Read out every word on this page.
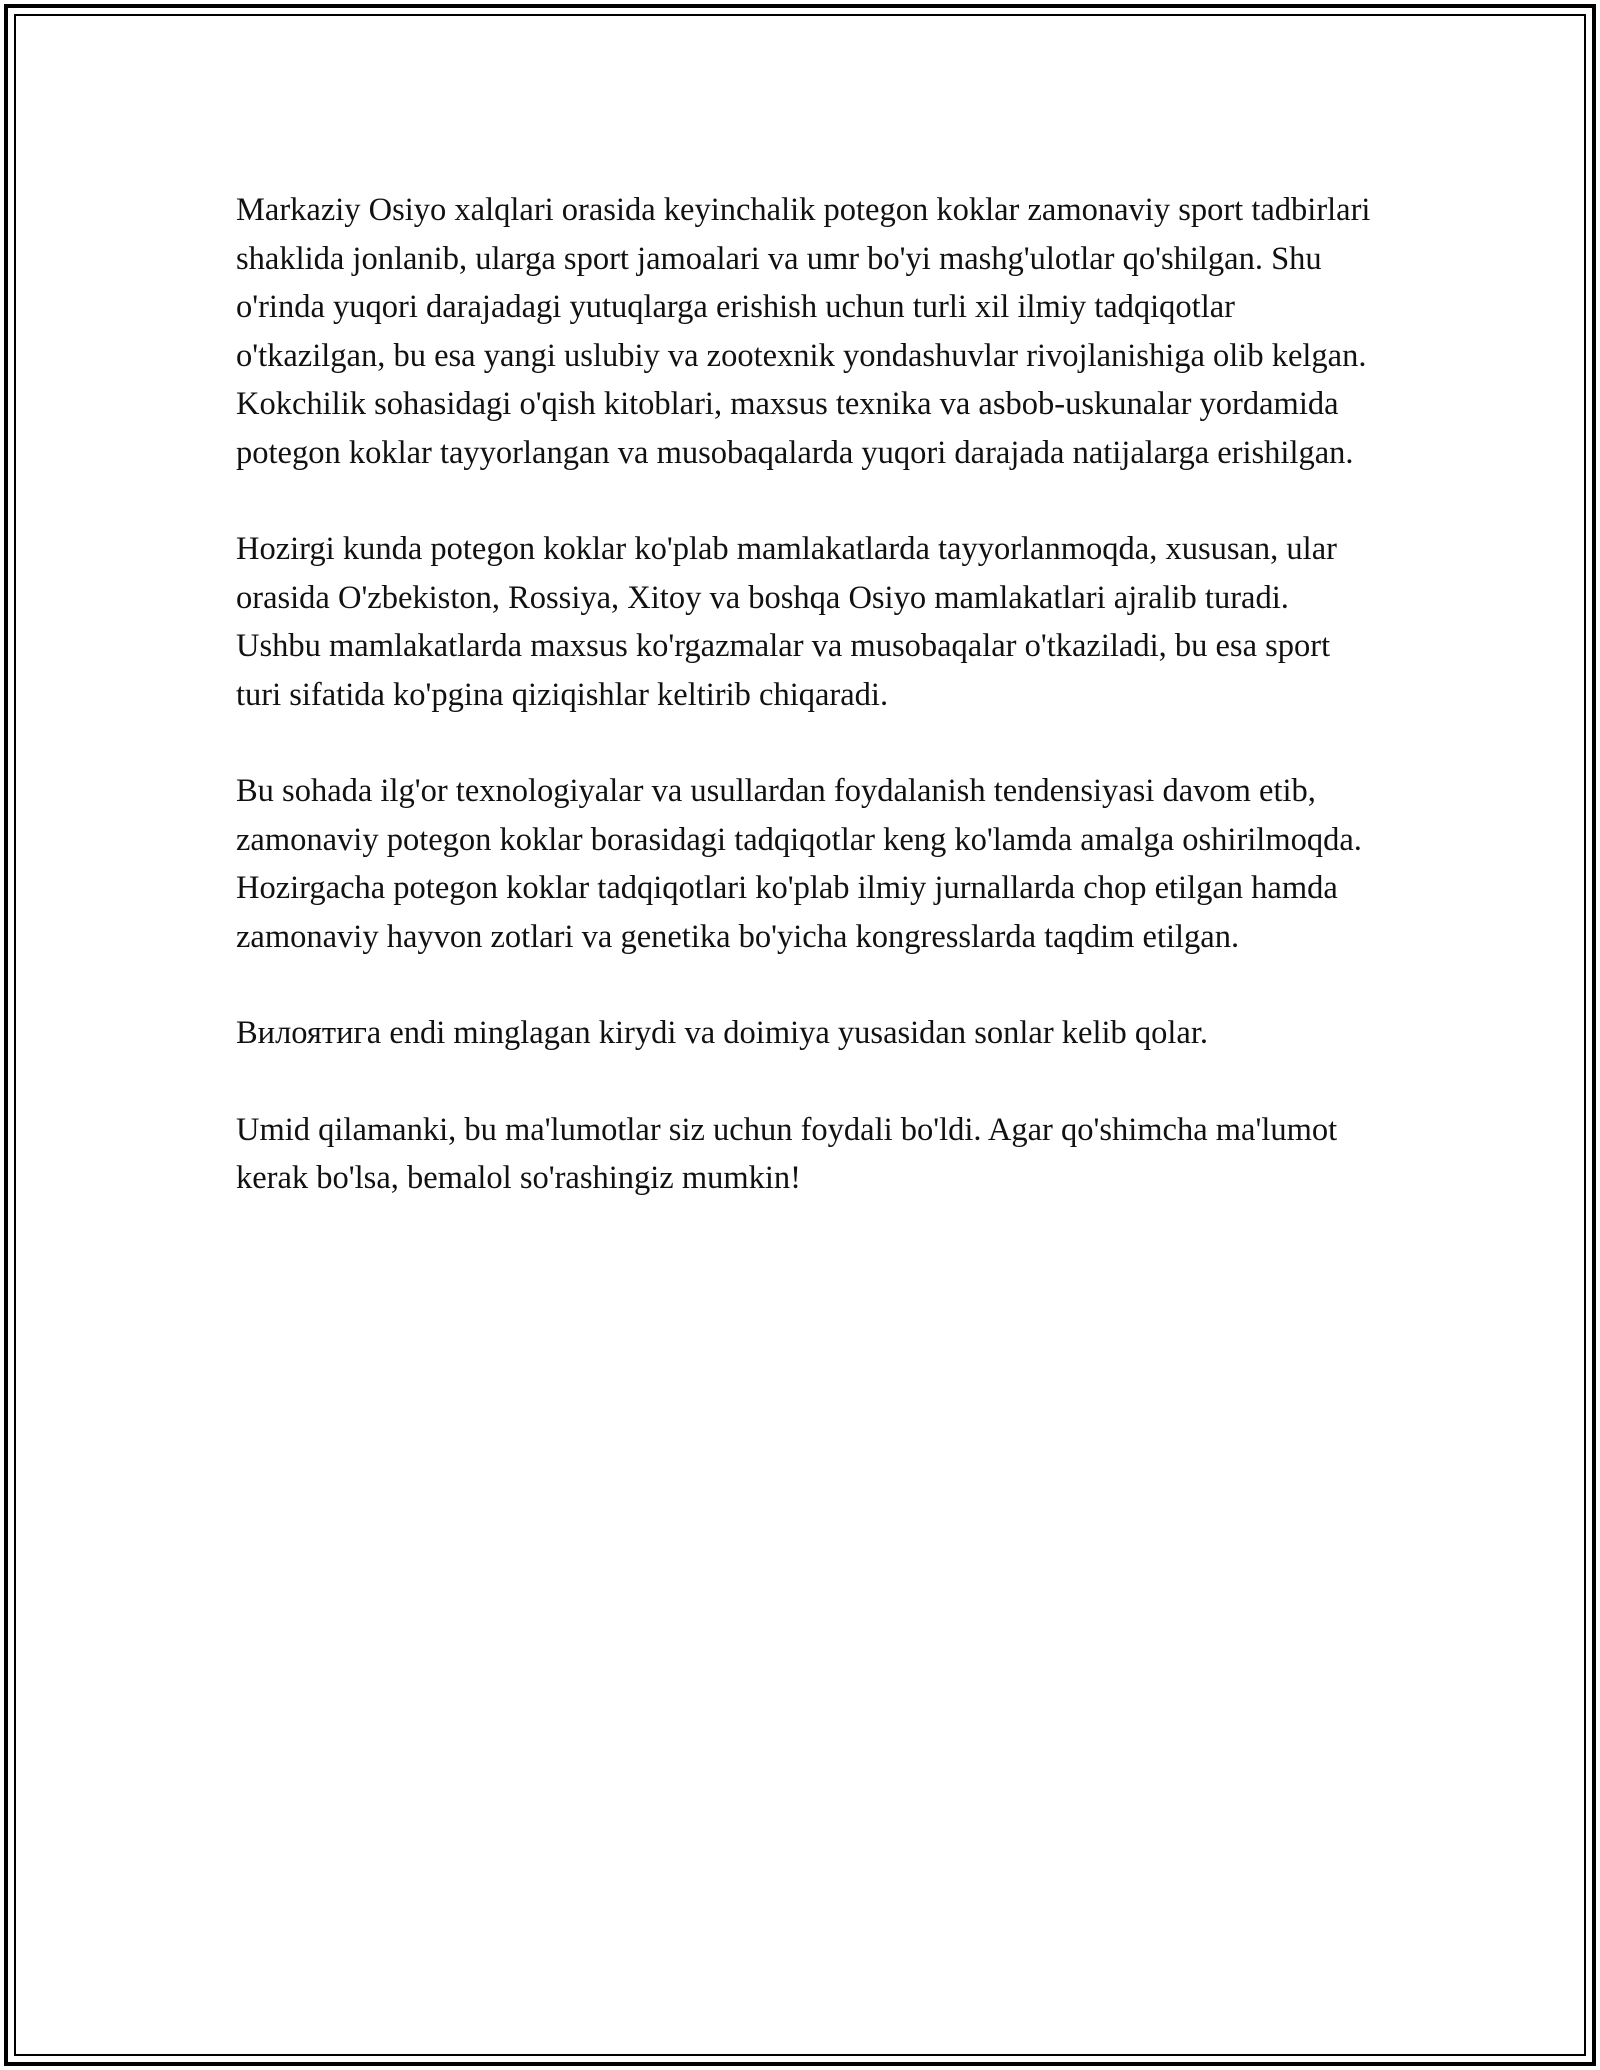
Markaziy Osiyo xalqlari orasida keyinchalik potegon koklar zamonaviy sport tadbirlari shaklida jonlanib, ularga sport jamoalari va umr bo'yi mashg'ulotlar qo'shilgan. Shu o'rinda yuqori darajadagi yutuqlarga erishish uchun turli xil ilmiy tadqiqotlar o'tkazilgan, bu esa yangi uslubiy va zootexnik yondashuvlar rivojlanishiga olib kelgan. Kokchilik sohasidagi o'qish kitoblari, maxsus texnika va asbob-uskunalar yordamida potegon koklar tayyorlangan va musobaqalarda yuqori darajada natijalarga erishilgan.

Hozirgi kunda potegon koklar ko'plab mamlakatlarda tayyorlanmoqda, xususan, ular orasida O'zbekiston, Rossiya, Xitoy va boshqa Osiyo mamlakatlari ajralib turadi. Ushbu mamlakatlarda maxsus ko'rgazmalar va musobaqalar o'tkaziladi, bu esa sport turi sifatida ko'pgina qiziqishlar keltirib chiqaradi.

Bu sohada ilg'or texnologiyalar va usullardan foydalanish tendensiyasi davom etib, zamonaviy potegon koklar borasidagi tadqiqotlar keng ko'lamda amalga oshirilmoqda. Hozirgacha potegon koklar tadqiqotlari ko'plab ilmiy jurnallarda chop etilgan hamda zamonaviy hayvon zotlari va genetika bo'yicha kongresslarda taqdim etilgan.

Вилоятига endi minglagan kirydi va doimiya yusasidan sonlar kelib qolar.

Umid qilamanki, bu ma'lumotlar siz uchun foydali bo'ldi. Agar qo'shimcha ma'lumot kerak bo'lsa, bemalol so'rashingiz mumkin!
